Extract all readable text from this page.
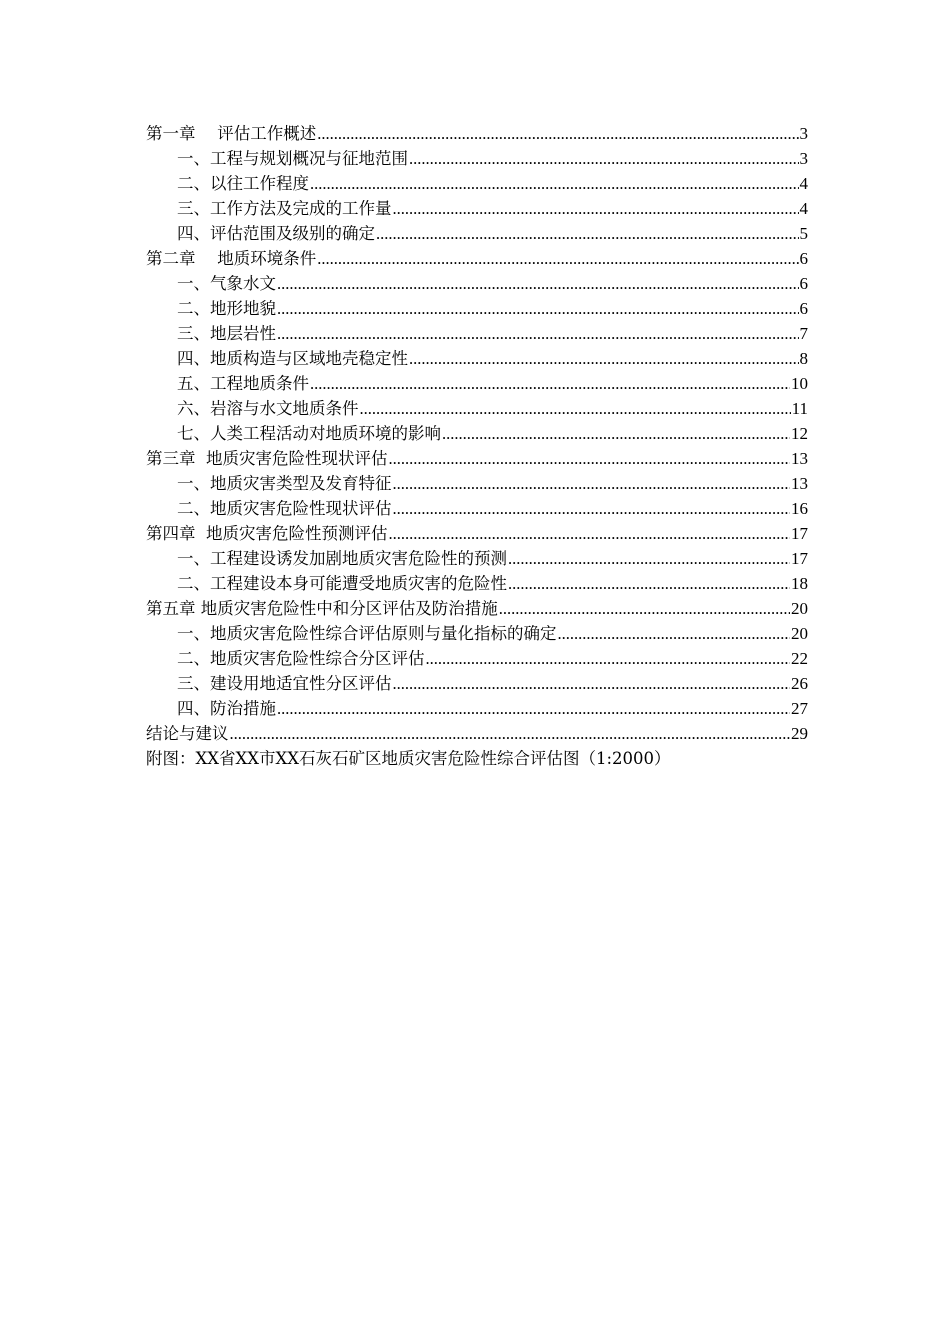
第一章　 评估工作概述 .....	3
一、工程与规划概况与征地范围 .....	3
二、以往工作程度 .....	4
三、工作方法及完成的工作量 .....	4
四、评估范围及级别的确定 .....	5
第二章　 地质环境条件 .....	6
一、气象水文 .....	6
二、地形地貌 .....	6
三、地层岩性 .....	7
四、地质构造与区域地壳稳定性 .....	8
五、工程地质条件 .....	10
六、岩溶与水文地质条件 .....	11
七、人类工程活动对地质环境的影响 .....	12
第三章  地质灾害危险性现状评估 .....	13
一、地质灾害类型及发育特征 .....	13
二、地质灾害危险性现状评估 .....	16
第四章  地质灾害危险性预测评估 .....	17
一、工程建设诱发加剧地质灾害危险性的预测 .....	17
二、工程建设本身可能遭受地质灾害的危险性 .....	18
第五章 地质灾害危险性中和分区评估及防治措施 .....	20
一、地质灾害危险性综合评估原则与量化指标的确定 .....	20
二、地质灾害危险性综合分区评估 .....	22
三、建设用地适宜性分区评估 .....	26
四、防治措施 .....	27
结论与建议 .....	29
附图：XX省XX市XX石灰石矿区地质灾害危险性综合评估图（1:2000）
